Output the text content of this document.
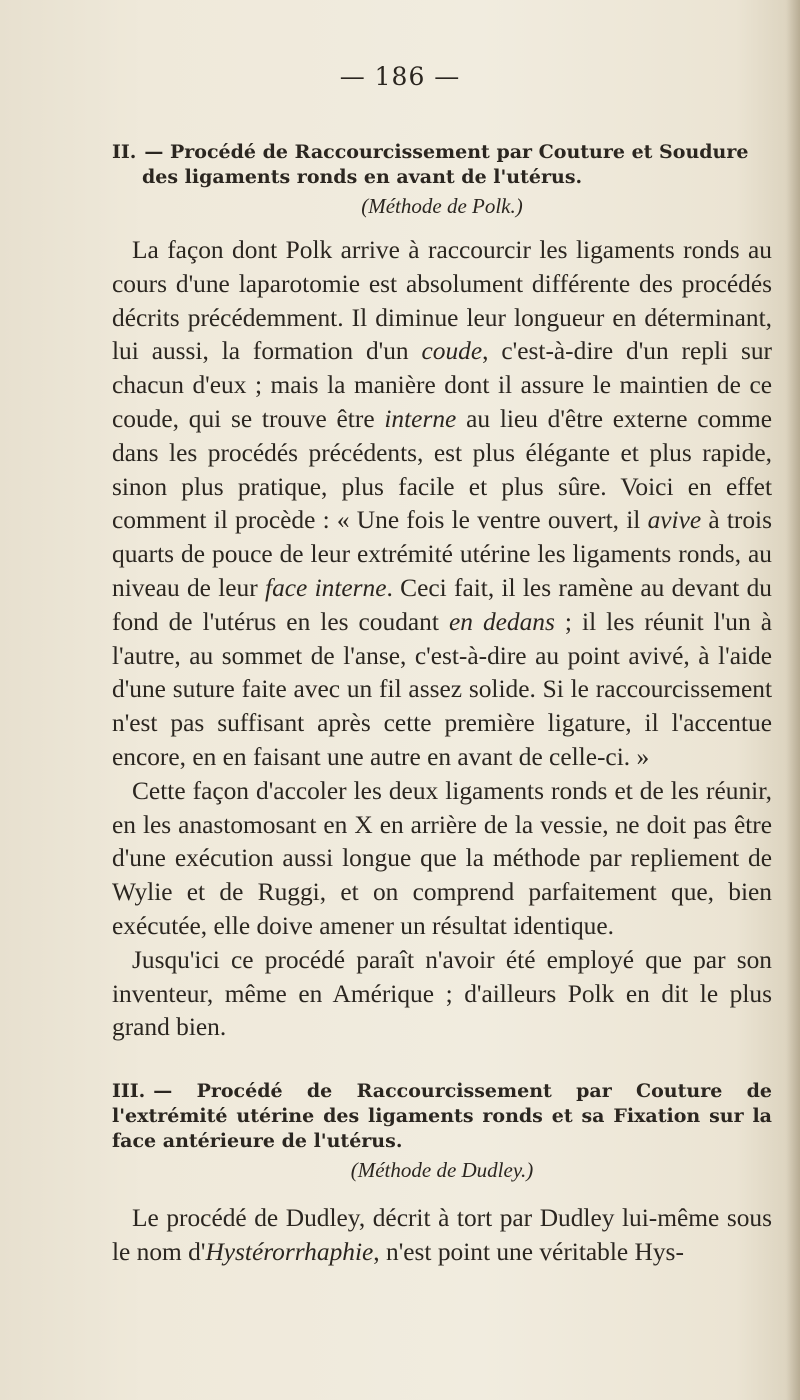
— 186 —

II. — Procédé de Raccourcissement par Couture et Soudure
des ligaments ronds en avant de l'utérus.

(Méthode de Polk.)

La façon dont Polk arrive à raccourcir les ligaments ronds au cours d'une laparotomie est absolument différente des procédés décrits précédemment. Il diminue leur longueur en déterminant, lui aussi, la formation d'un coude, c'est-à-dire d'un repli sur chacun d'eux ; mais la manière dont il assure le maintien de ce coude, qui se trouve être interne au lieu d'être externe comme dans les procédés précédents, est plus élégante et plus rapide, sinon plus pratique, plus facile et plus sûre. Voici en effet comment il procède : « Une fois le ventre ouvert, il avive à trois quarts de pouce de leur extrémité utérine les ligaments ronds, au niveau de leur face interne. Ceci fait, il les ramène au devant du fond de l'utérus en les coudant en dedans ; il les réunit l'un à l'autre, au sommet de l'anse, c'est-à-dire au point avivé, à l'aide d'une suture faite avec un fil assez solide. Si le raccourcissement n'est pas suffisant après cette première ligature, il l'accentue encore, en en faisant une autre en avant de celle-ci. »

Cette façon d'accoler les deux ligaments ronds et de les réunir, en les anastomosant en X en arrière de la vessie, ne doit pas être d'une exécution aussi longue que la méthode par repliement de Wylie et de Ruggi, et on comprend parfaitement que, bien exécutée, elle doive amener un résultat identique.

Jusqu'ici ce procédé paraît n'avoir été employé que par son inventeur, même en Amérique ; d'ailleurs Polk en dit le plus grand bien.

III. — Procédé de Raccourcissement par Couture de l'extrémité utérine des ligaments ronds et sa Fixation sur la face antérieure de l'utérus.

(Méthode de Dudley.)

Le procédé de Dudley, décrit à tort par Dudley lui-même sous le nom d'Hystérorrhaphie, n'est point une véritable Hys-
